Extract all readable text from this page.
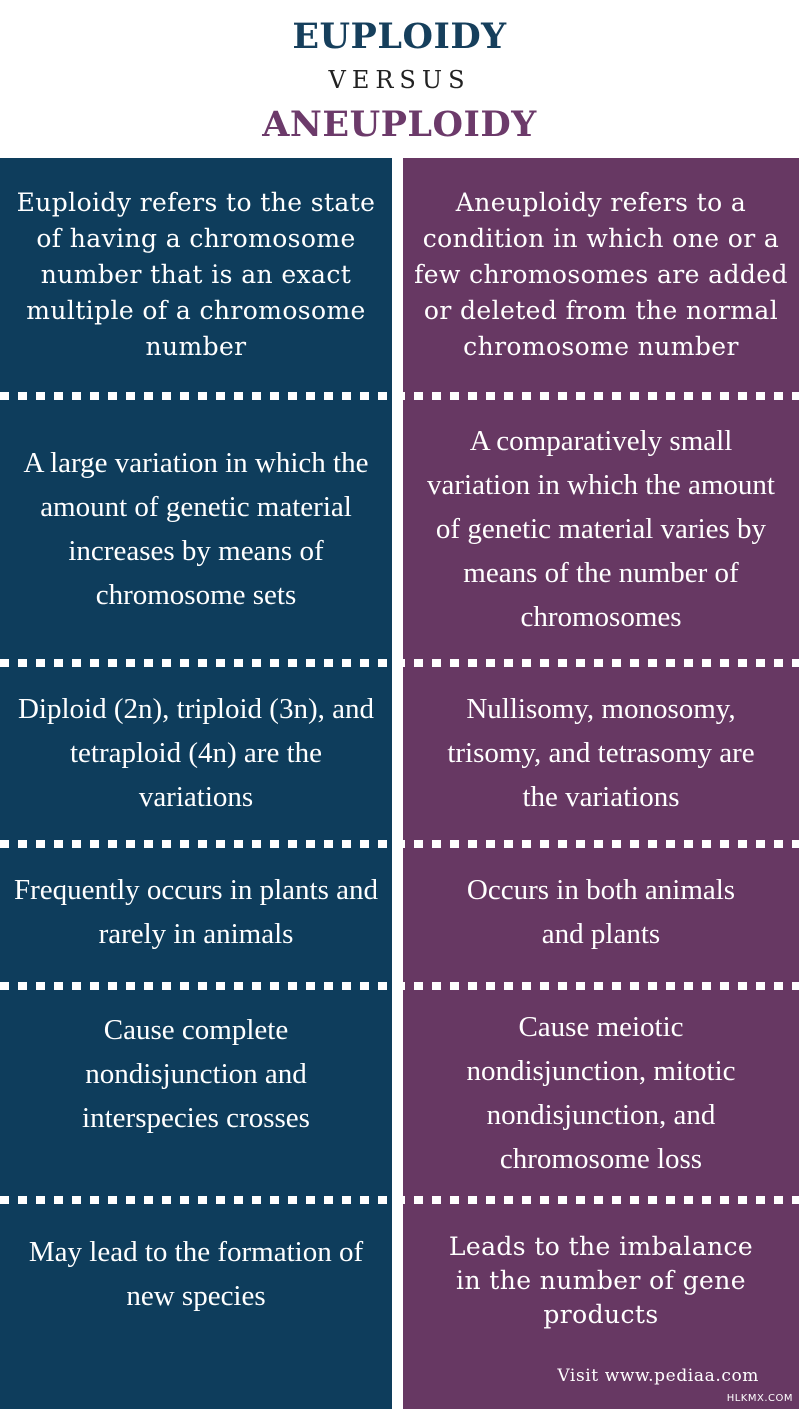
EUPLOIDY
VERSUS
ANEUPLOIDY
Euploidy refers to the state of having a chromosome number that is an exact multiple of a chromosome number
Aneuploidy refers to a condition in which one or a few chromosomes are added or deleted from the normal chromosome number
A large variation in which the amount of genetic material increases by means of chromosome sets
A comparatively small variation in which the amount of genetic material varies by means of the number of chromosomes
Diploid (2n), triploid (3n), and tetraploid (4n) are the variations
Nullisomy, monosomy, trisomy, and tetrasomy are the variations
Frequently occurs in plants and rarely in animals
Occurs in both animals and plants
Cause complete nondisjunction and interspecies crosses
Cause meiotic nondisjunction, mitotic nondisjunction, and chromosome loss
May lead to the formation of new species
Leads to the imbalance in the number of gene products
Visit www.pediaa.com
HLKMX.COM
